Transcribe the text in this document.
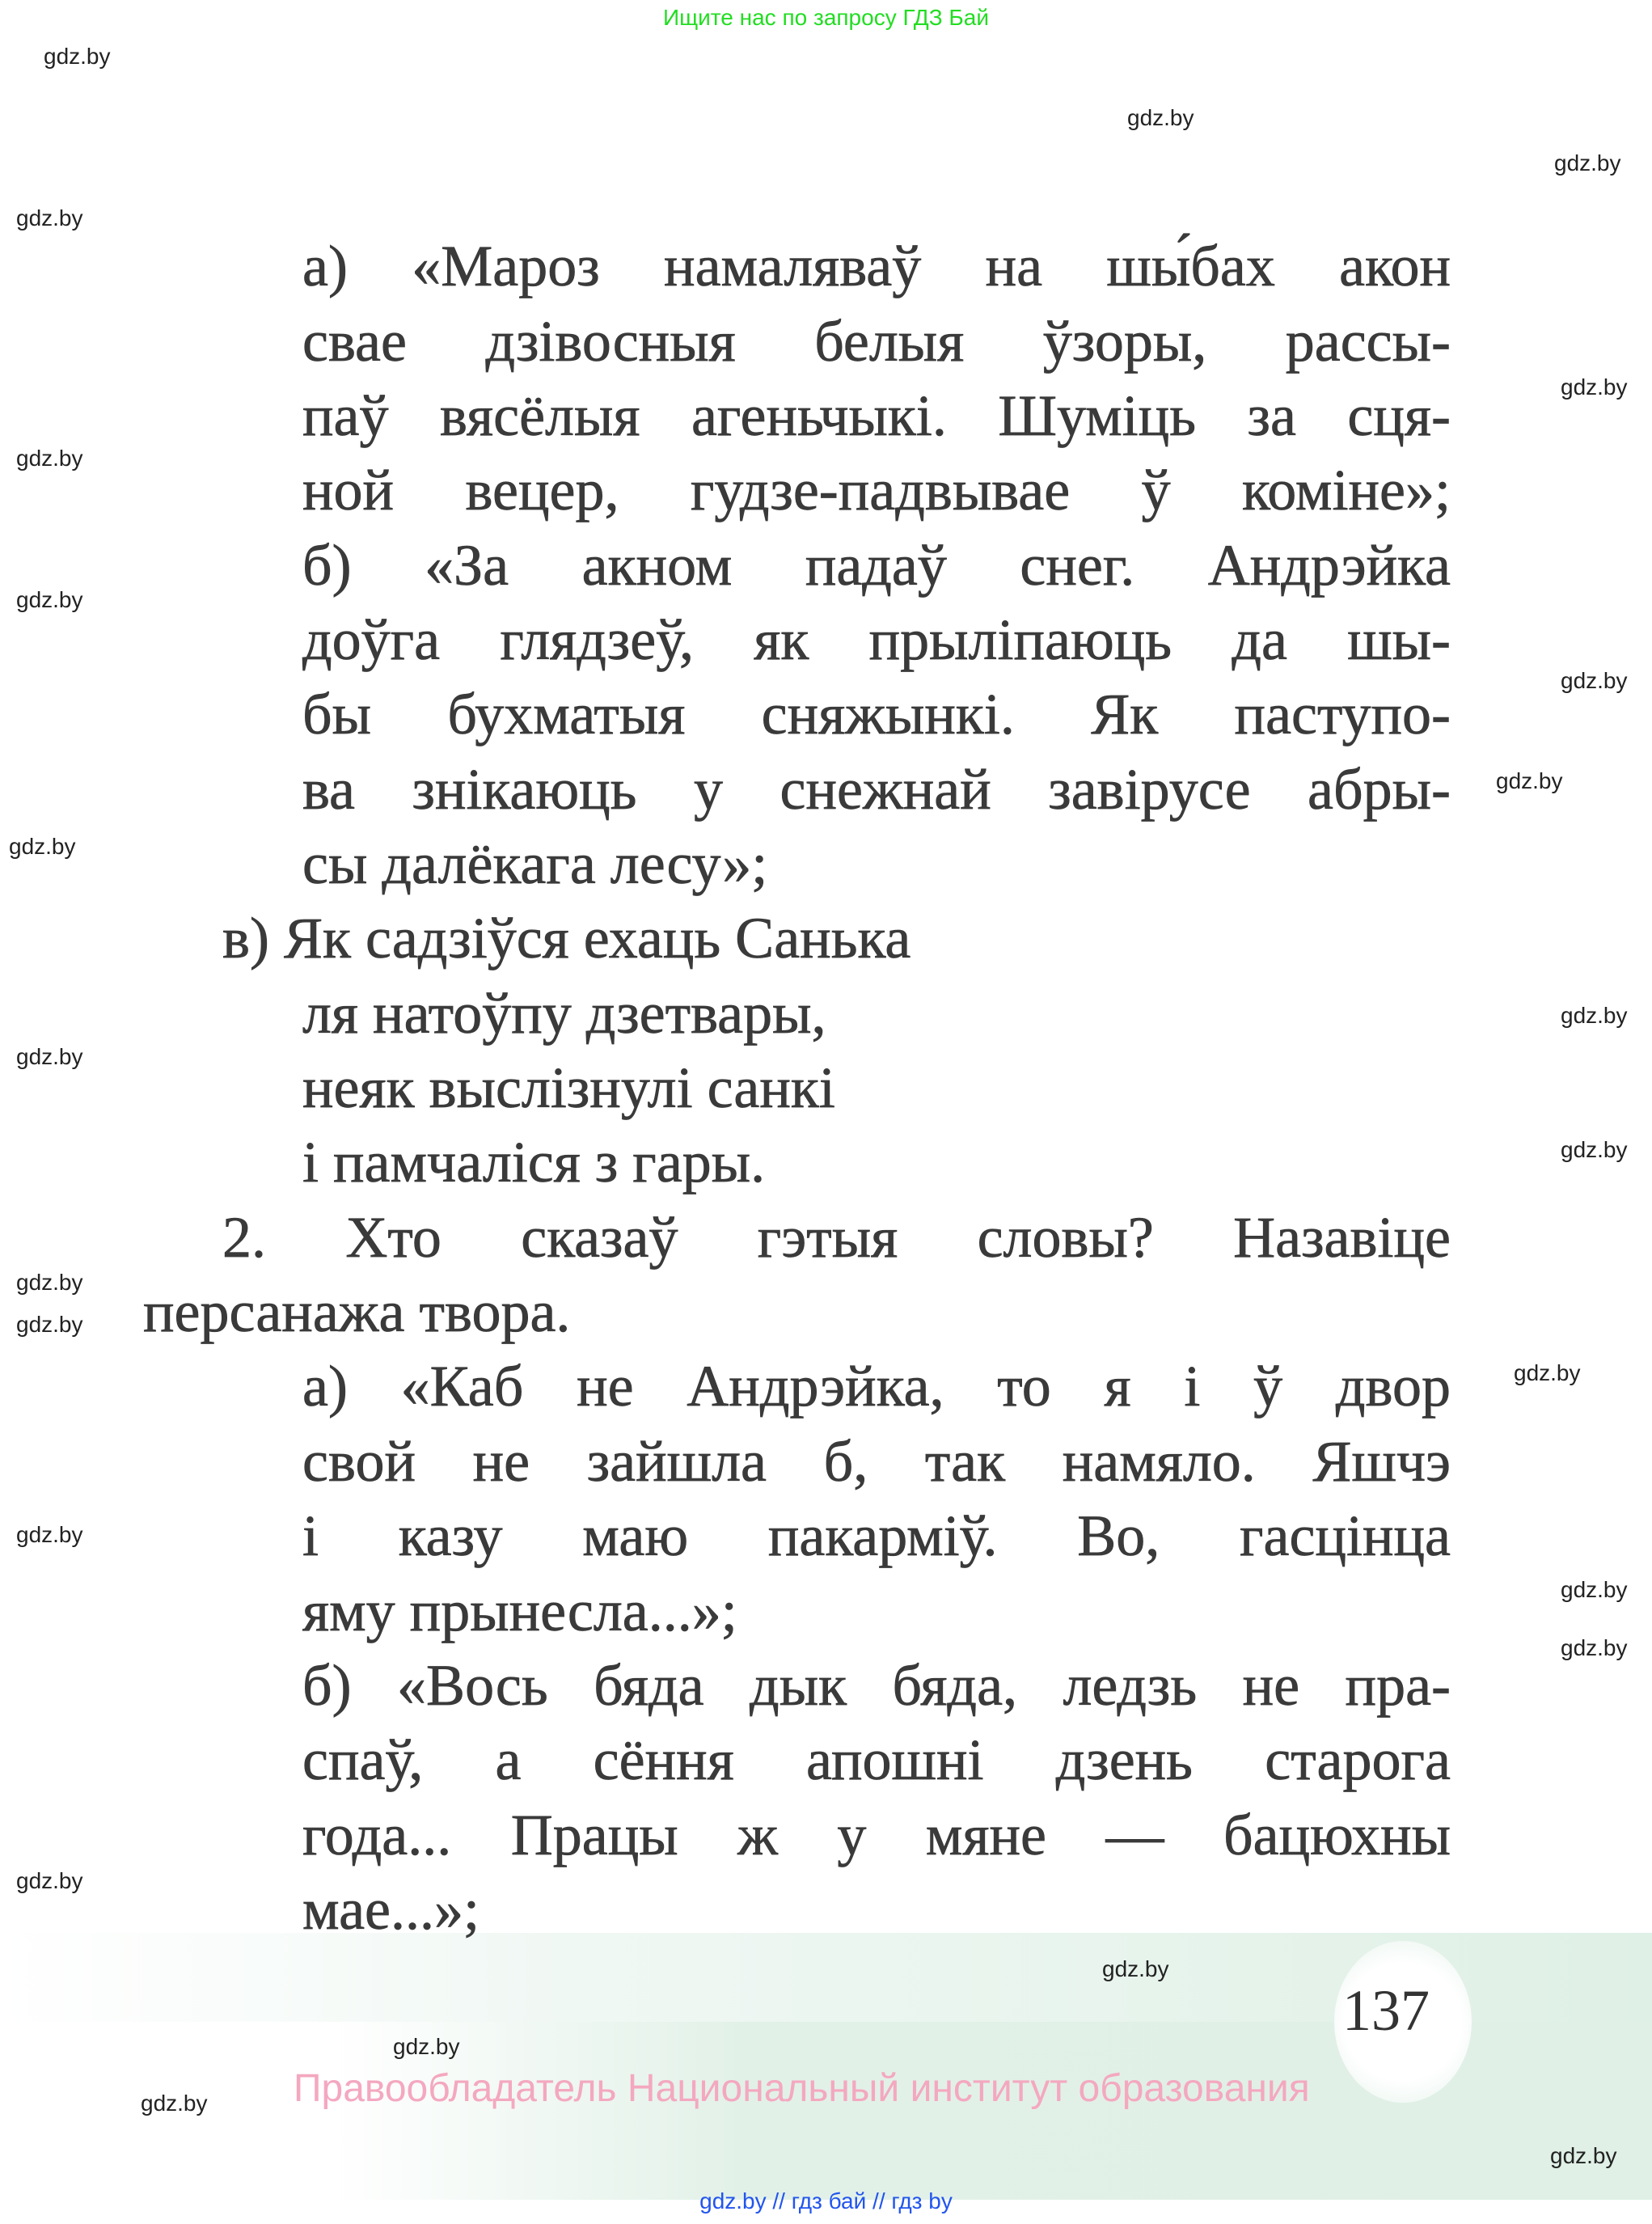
Ищите нас по запросу ГДЗ Бай
а) «Мароз намаляваў на шы́бах акон
свае дзівосныя белыя ўзоры, рассы-
паў вясёлыя агеньчыкі. Шуміць за сця-
ной вецер, гудзе-падвывае ў коміне»;
б) «За акном падаў снег. Андрэйка
доўга глядзеў, як прыліпаюць да шы-
бы бухматыя сняжынкі. Як паступо-
ва знікаюць у снежнай завірусе абры-
сы далёкага лесу»;
в) Як садзіўся ехаць Санька
ля натоўпу дзетвары,
неяк выслізнулі санкі
і памчаліся з гары.
2. Хто сказаў гэтыя словы? Назавіце
персанажа твора.
а) «Каб не Андрэйка, то я і ў двор
свой не зайшла б, так намяло. Яшчэ
і казу маю пакарміў. Во, гасцінца
яму прынесла...»;
б) «Вось бяда дык бяда, ледзь не пра-
спаў, а сёння апошні дзень старога
года... Працы ж у мяне — бацюхны
мае...»;
137
Правообладатель Национальный институт образования
gdz.by // гдз бай // гдз by
gdz.by
gdz.by
gdz.by
gdz.by
gdz.by
gdz.by
gdz.by
gdz.by
gdz.by
gdz.by
gdz.by
gdz.by
gdz.by
gdz.by
gdz.by
gdz.by
gdz.by
gdz.by
gdz.by
gdz.by
gdz.by
gdz.by
gdz.by
gdz.by
